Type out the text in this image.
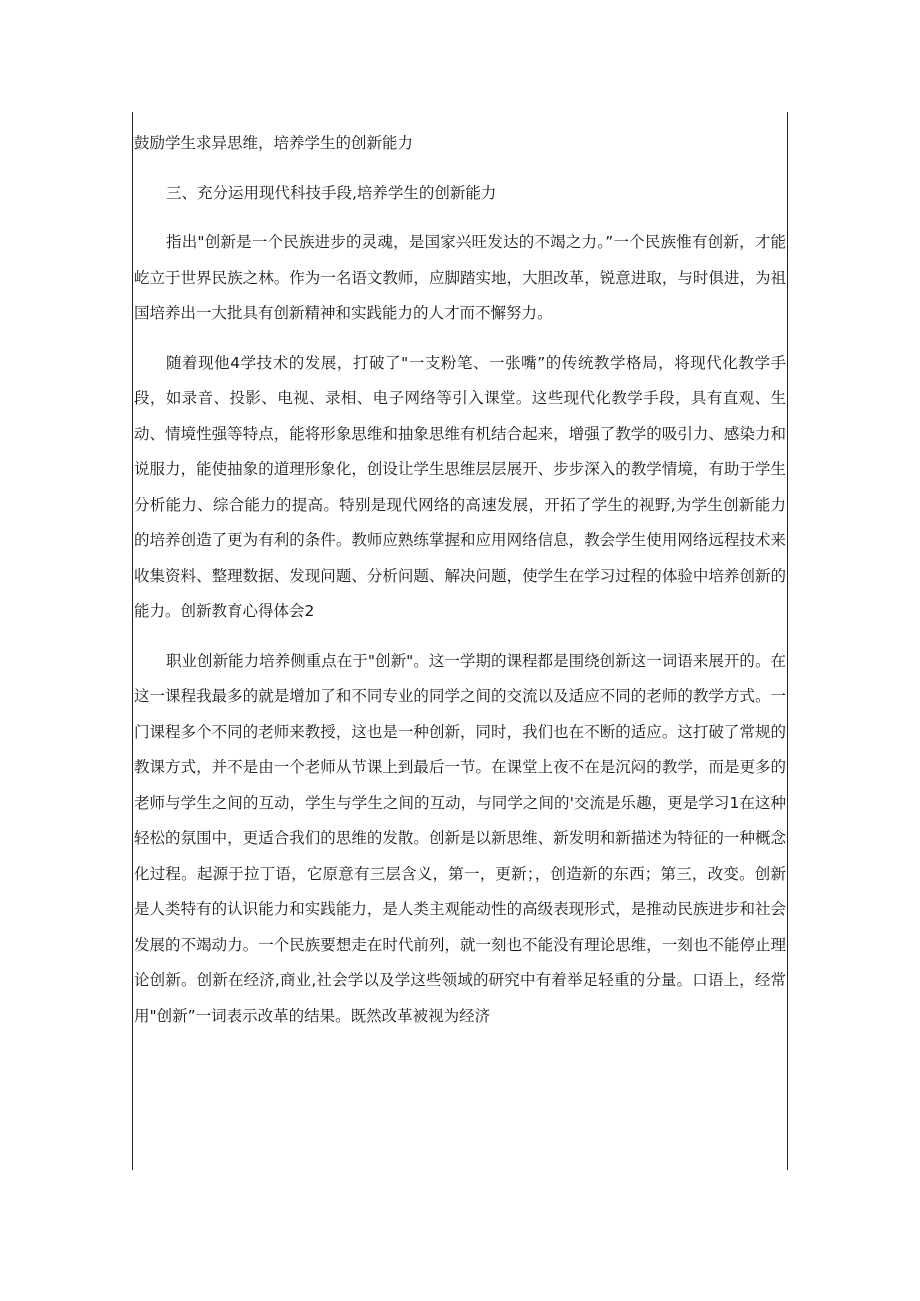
鼓励学生求异思维，培养学生的创新能力

三、充分运用现代科技手段,培养学生的创新能力

指出"创新是一个民族进步的灵魂，是国家兴旺发达的不竭之力。”一个民族惟有创新，才能屹立于世界民族之林。作为一名语文教师，应脚踏实地，大胆改革，锐意进取，与时俱进，为祖国培养出一大批具有创新精神和实践能力的人才而不懈努力。

随着现他4学技术的发展，打破了"一支粉笔、一张嘴”的传统教学格局，将现代化教学手段，如录音、投影、电视、录相、电子网络等引入课堂。这些现代化教学手段，具有直观、生动、情境性强等特点，能将形象思维和抽象思维有机结合起来，增强了教学的吸引力、感染力和说服力，能使抽象的道理形象化，创设让学生思维层层展开、步步深入的教学情境，有助于学生分析能力、综合能力的提高。特别是现代网络的高速发展，开拓了学生的视野,为学生创新能力的培养创造了更为有利的条件。教师应熟练掌握和应用网络信息，教会学生使用网络远程技术来收集资料、整理数据、发现问题、分析问题、解决问题，使学生在学习过程的体验中培养创新的能力。创新教育心得体会2

职业创新能力培养侧重点在于"创新"。这一学期的课程都是围绕创新这一词语来展开的。在这一课程我最多的就是增加了和不同专业的同学之间的交流以及适应不同的老师的教学方式。一门课程多个不同的老师来教授，这也是一种创新，同时，我们也在不断的适应。这打破了常规的教课方式，并不是由一个老师从节课上到最后一节。在课堂上夜不在是沉闷的教学，而是更多的老师与学生之间的互动，学生与学生之间的互动，与同学之间的'交流是乐趣，更是学习1在这种轻松的氛围中，更适合我们的思维的发散。创新是以新思维、新发明和新描述为特征的一种概念化过程。起源于拉丁语，它原意有三层含义，第一，更新；，创造新的东西；第三，改变。创新是人类特有的认识能力和实践能力，是人类主观能动性的高级表现形式，是推动民族进步和社会发展的不竭动力。一个民族要想走在时代前列，就一刻也不能没有理论思维，一刻也不能停止理论创新。创新在经济,商业,社会学以及学这些领域的研究中有着举足轻重的分量。口语上，经常用"创新”一词表示改革的结果。既然改革被视为经济
